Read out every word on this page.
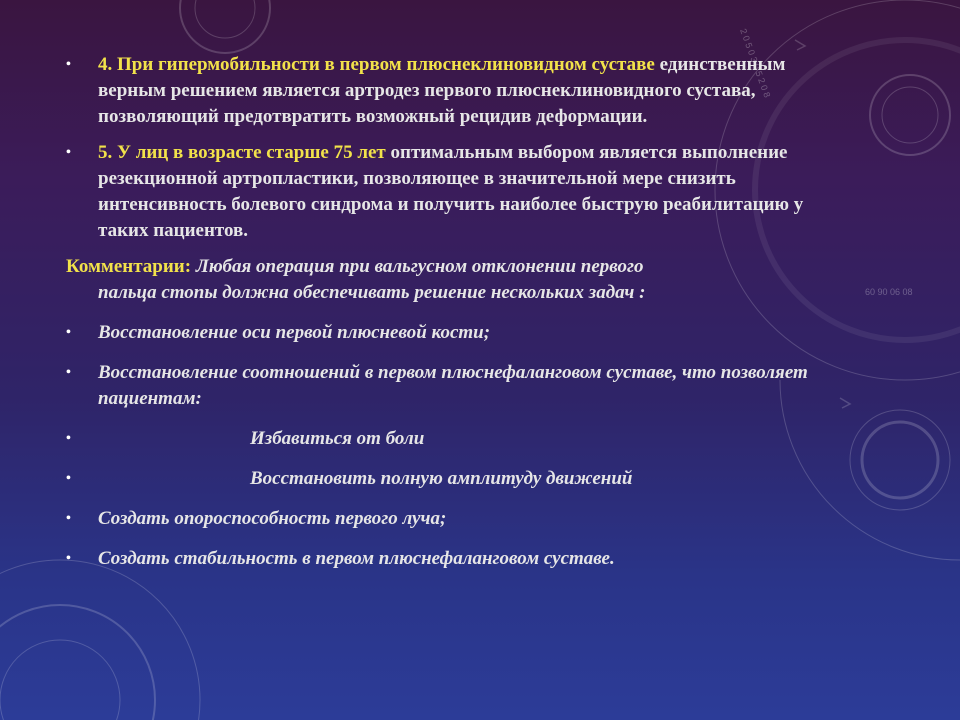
60 90 06 08
2 0 5 0 3 0 5 2 0 8
• 4. При гипермобильности в первом плюснеклиновидном суставе единственным верным решением является артродез первого плюснеклиновидного сустава, позволяющий предотвратить возможный рецидив деформации.
• 5. У лиц в возрасте старше 75 лет оптимальным выбором является выполнение резекционной артропластики, позволяющее в значительной мере снизить интенсивность болевого синдрома и получить наиболее быструю реабилитацию у таких пациентов.
Комментарии: Любая операция при вальгусном отклонении первого
пальца стопы должна обеспечивать решение нескольких задач :
• Восстановление оси первой плюсневой кости;
• Восстановление соотношений в первом плюснефаланговом суставе, что позволяет пациентам:
•	Избавиться от боли
•	Восстановить полную амплитуду движений
• Создать опороспособность первого луча;
• Создать стабильность в первом плюснефаланговом суставе.
